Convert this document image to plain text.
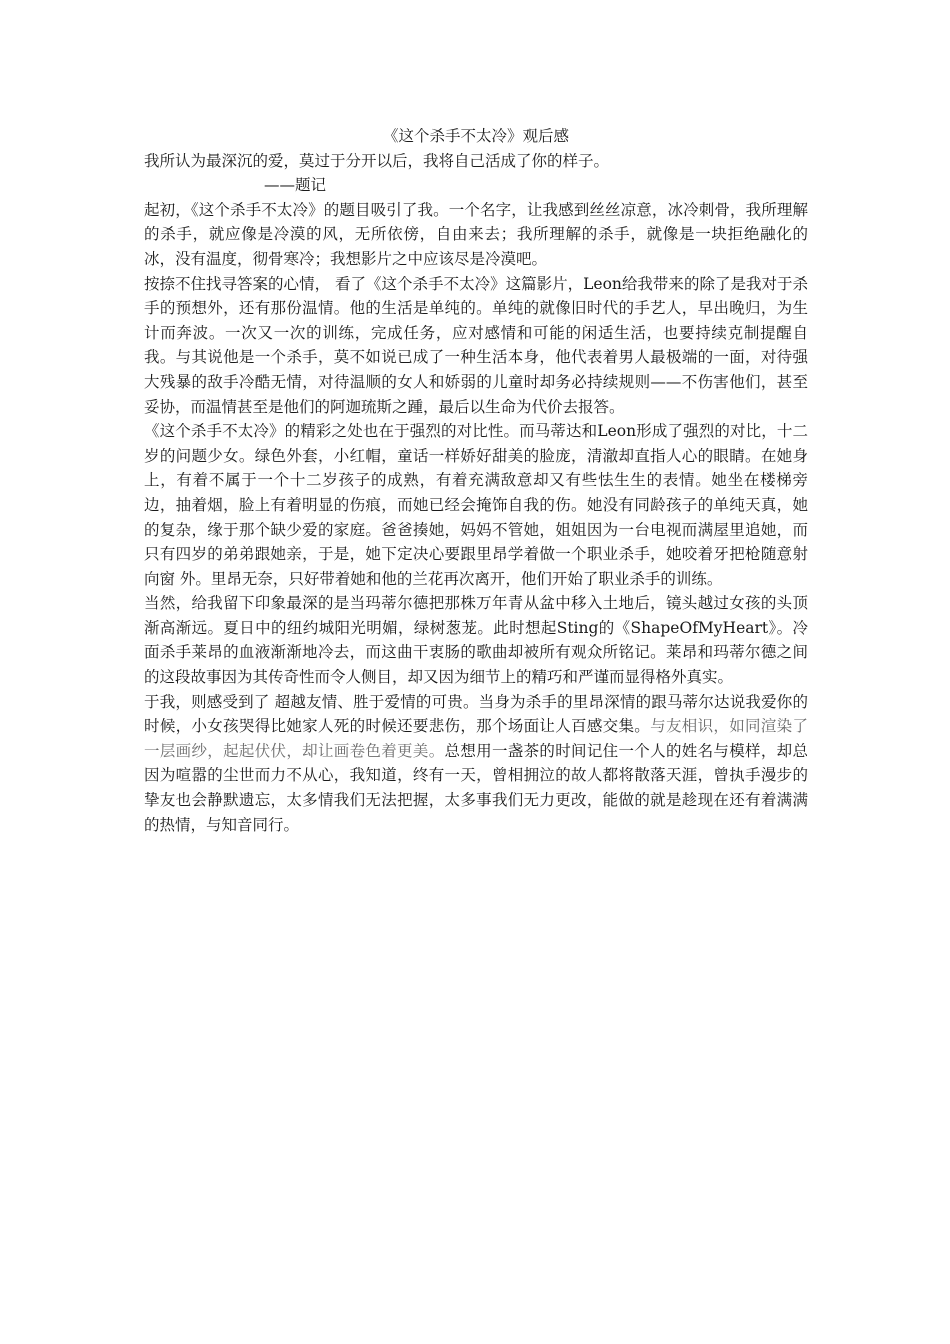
《这个杀手不太冷》观后感

我所认为最深沉的爱，莫过于分开以后，我将自己活成了你的样子。

——题记

起初，《这个杀手不太冷》的题目吸引了我。一个名字，让我感到丝丝凉意，冰冷刺骨，我所理解的杀手，就应像是冷漠的风，无所依傍，自由来去；我所理解的杀手，就像是一块拒绝融化的冰，没有温度，彻骨寒冷；我想影片之中应该尽是冷漠吧。

按捺不住找寻答案的心情， 看了《这个杀手不太冷》这篇影片，Leon给我带来的除了是我对于杀手的预想外，还有那份温情。他的生活是单纯的。单纯的就像旧时代的手艺人，早出晚归，为生计而奔波。一次又一次的训练，完成任务，应对感情和可能的闲适生活，也要持续克制提醒自我。与其说他是一个杀手，莫不如说已成了一种生活本身，他代表着男人最极端的一面，对待强大残暴的敌手冷酷无情，对待温顺的女人和娇弱的儿童时却务必持续规则——不伤害他们，甚至妥协，而温情甚至是他们的阿迦琉斯之踵，最后以生命为代价去报答。

《这个杀手不太冷》的精彩之处也在于强烈的对比性。而马蒂达和Leon形成了强烈的对比，十二岁的问题少女。绿色外套，小红帽，童话一样娇好甜美的脸庞，清澈却直指人心的眼睛。在她身上，有着不属于一个十二岁孩子的成熟，有着充满敌意却又有些怯生生的表情。她坐在楼梯旁边，抽着烟，脸上有着明显的伤痕，而她已经会掩饰自我的伤。她没有同龄孩子的单纯天真，她的复杂，缘于那个缺少爱的家庭。爸爸揍她，妈妈不管她，姐姐因为一台电视而满屋里追她，而只有四岁的弟弟跟她亲，于是，她下定决心要跟里昂学着做一个职业杀手，她咬着牙把枪随意射向窗 外。里昂无奈，只好带着她和他的兰花再次离开，他们开始了职业杀手的训练。

当然，给我留下印象最深的是当玛蒂尔德把那株万年青从盆中移入土地后，镜头越过女孩的头顶渐高渐远。夏日中的纽约城阳光明媚，绿树葱茏。此时想起Sting的《ShapeOfMyHeart》。冷面杀手莱昂的血液渐渐地冷去，而这曲干衷肠的歌曲却被所有观众所铭记。莱昂和玛蒂尔德之间的这段故事因为其传奇性而令人侧目，却又因为细节上的精巧和严谨而显得格外真实。

于我，则感受到了 超越友情、胜于爱情的可贵。当身为杀手的里昂深情的跟马蒂尔达说我爱你的时候，小女孩哭得比她家人死的时候还要悲伤，那个场面让人百感交集。与友相识，如同渲染了一层画纱，起起伏伏，却让画卷色着更美。总想用一盏茶的时间记住一个人的姓名与模样，却总因为喧嚣的尘世而力不从心，我知道，终有一天，曾相拥泣的故人都将散落天涯，曾执手漫步的挚友也会静默遗忘，太多情我们无法把握，太多事我们无力更改，能做的就是趁现在还有着满满的热情，与知音同行。
